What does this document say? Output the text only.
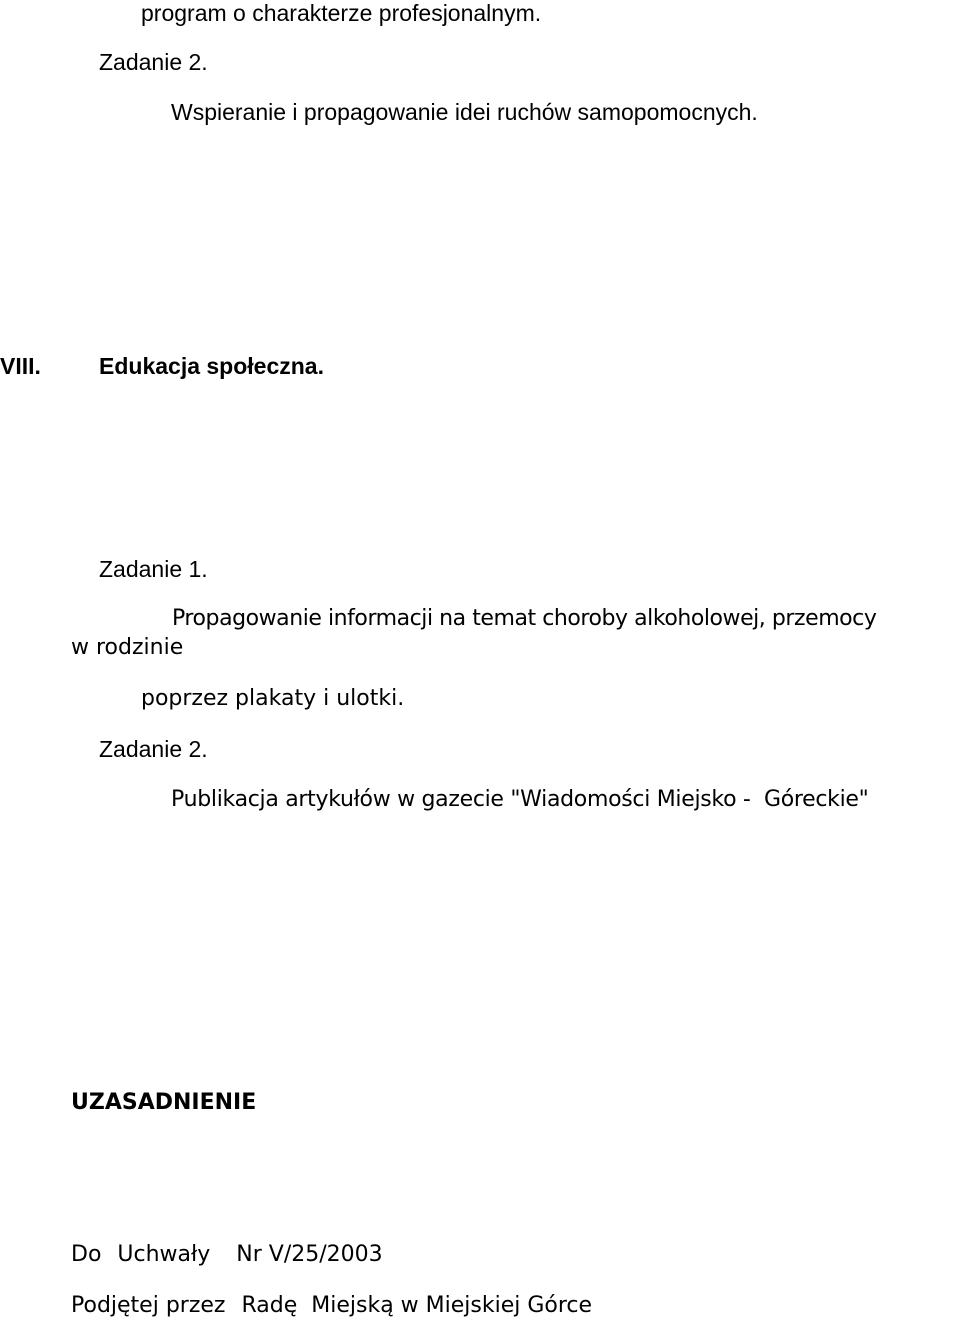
program o charakterze profesjonalnym.
Zadanie 2.
Wspieranie i propagowanie idei ruchów samopomocnych.
VIII.	Edukacja społeczna.
Zadanie 1.
Propagowanie informacji na temat choroby alkoholowej, przemocy
w rodzinie
poprzez plakaty i ulotki.
Zadanie 2.
Publikacja artykułów w gazecie "Wiadomości Miejsko -  Góreckie"
UZASADNIENIE
Do Uchwały Nr V/25/2003
Podjętej przez Radę Miejską w Miejskiej Górce
